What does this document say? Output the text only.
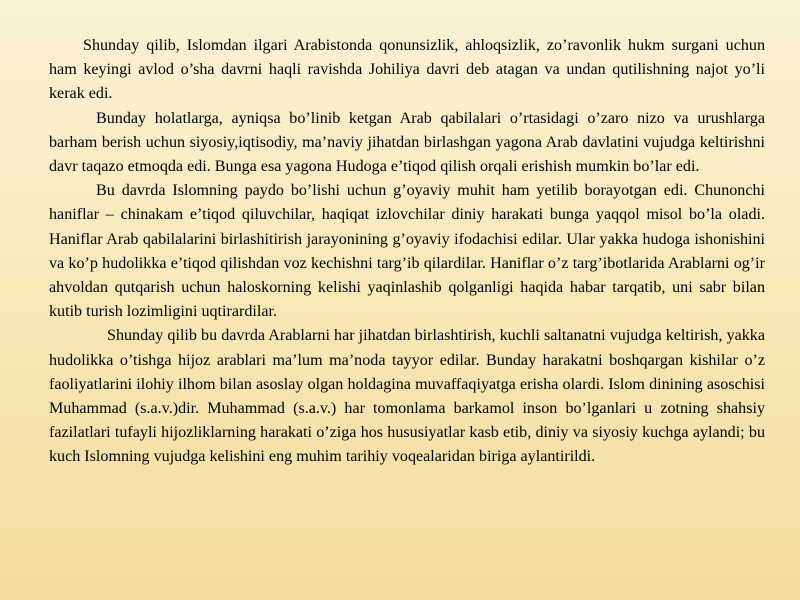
Shunday qilib, Islomdan ilgari Arabistonda qonunsizlik, ahloqsizlik, zo’ravonlik hukm surgani uchun ham keyingi avlod o’sha davrni haqli ravishda Johiliya davri deb atagan va undan qutilishning najot yo’li kerak edi.

Bunday holatlarga, ayniqsa bo’linib ketgan Arab qabilalari o’rtasidagi o’zaro nizo va urushlarga barham berish uchun siyosiy,iqtisodiy, ma’naviy jihatdan birlashgan yagona Arab davlatini vujudga keltirishni davr taqazo etmoqda edi. Bunga esa yagona Hudoga e’tiqod qilish orqali erishish mumkin bo’lar edi.

Bu davrda Islomning paydo bo’lishi uchun g’oyaviy muhit ham yetilib borayotgan edi. Chunonchi haniflar – chinakam e’tiqod qiluvchilar, haqiqat izlovchilar diniy harakati bunga yaqqol misol bo’la oladi. Haniflar Arab qabilalarini birlashitirish jarayonining g’oyaviy ifodachisi edilar. Ular yakka hudoga ishonishini va ko’p hudolikka e’tiqod qilishdan voz kechishni targ’ib qilardilar. Haniflar o’z targ’ibotlarida Arablarni og’ir ahvoldan qutqarish uchun haloskorning kelishi yaqinlashib qolganligi haqida habar tarqatib, uni sabr bilan kutib turish lozimligini uqtirardilar.

Shunday qilib bu davrda Arablarni har jihatdan birlashtirish, kuchli saltanatni vujudga keltirish, yakka hudolikka o’tishga hijoz arablari ma’lum ma’noda tayyor edilar. Bunday harakatni boshqargan kishilar o’z faoliyatlarini ilohiy ilhom bilan asoslay olgan holdagina muvaffaqiyatga erisha olardi. Islom dinining asoschisi Muhammad (s.a.v.)dir. Muhammad (s.a.v.) har tomonlama barkamol inson bo’lganlari u zotning shahsiy fazilatlari tufayli hijozliklarning harakati o’ziga hos hususiyatlar kasb etib, diniy va siyosiy kuchga aylandi; bu kuch Islomning vujudga kelishini eng muhim tarihiy voqealaridan biriga aylantirildi.
